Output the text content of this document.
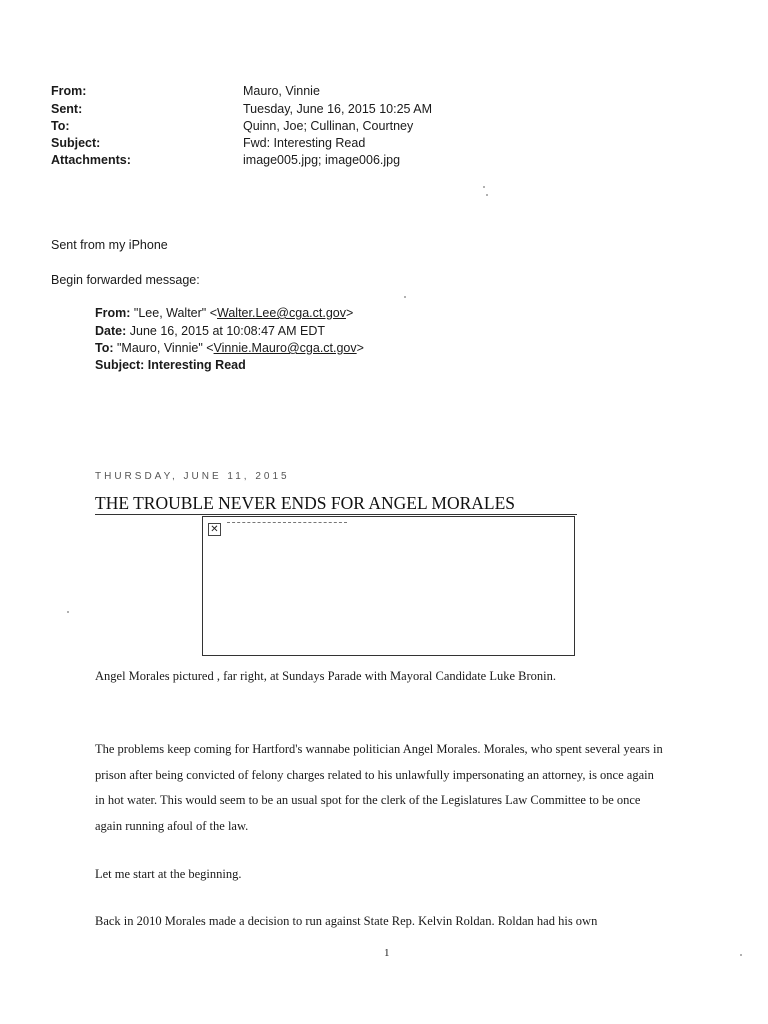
From:	Mauro, Vinnie
Sent:	Tuesday, June 16, 2015 10:25 AM
To:	Quinn, Joe; Cullinan, Courtney
Subject:	Fwd: Interesting Read
Attachments:	image005.jpg; image006.jpg
Sent from my iPhone
Begin forwarded message:
From: "Lee, Walter" <Walter.Lee@cga.ct.gov>
Date: June 16, 2015 at 10:08:47 AM EDT
To: "Mauro, Vinnie" <Vinnie.Mauro@cga.ct.gov>
Subject: Interesting Read
THURSDAY, JUNE 11, 2015
THE TROUBLE NEVER ENDS FOR ANGEL MORALES
✕
Angel Morales pictured , far right, at Sundays Parade with Mayoral Candidate Luke Bronin.
The problems keep coming for Hartford's wannabe politician Angel Morales. Morales, who spent several years in prison after being convicted of felony charges related to his unlawfully impersonating an attorney, is once again in hot water. This would seem to be an usual spot for the clerk of the Legislatures Law Committee to be once again running afoul of the law.
Let me start at the beginning.
Back in 2010 Morales made a decision to run against State Rep. Kelvin Roldan. Roldan had his own
1
